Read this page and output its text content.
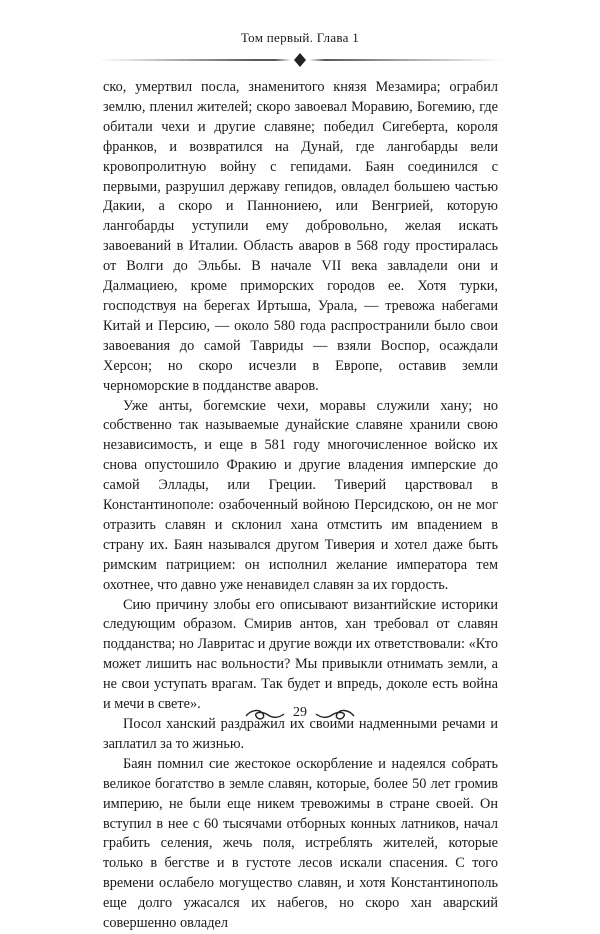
Том первый. Глава 1

ско, умертвил посла, знаменитого князя Мезамира; ограбил землю, пленил жителей; скоро завоевал Моравию, Богемию, где обитали чехи и другие славяне; победил Сигеберта, короля франков, и возвратился на Дунай, где лангобарды вели кровопролитную войну с гепидами. Баян соединился с первыми, разрушил державу гепидов, овладел большею частью Дакии, а скоро и Паннониею, или Венгрией, которую лангобарды уступили ему добровольно, желая искать завоеваний в Италии. Область аваров в 568 году простиралась от Волги до Эльбы. В начале VII века завладели они и Далмациею, кроме приморских городов ее. Хотя турки, господствуя на берегах Иртыша, Урала, — тревожа набегами Китай и Персию, — около 580 года распространили было свои завоевания до самой Тавриды — взяли Воспор, осаждали Херсон; но скоро исчезли в Европе, оставив земли черноморские в подданстве аваров.

Уже анты, богемские чехи, моравы служили хану; но собственно так называемые дунайские славяне хранили свою независимость, и еще в 581 году многочисленное войско их снова опустошило Фракию и другие владения имперские до самой Эллады, или Греции. Тиверий царствовал в Константинополе: озабоченный войною Персидскою, он не мог отразить славян и склонил хана отмстить им впадением в страну их. Баян назывался другом Тиверия и хотел даже быть римским патрицием: он исполнил желание императора тем охотнее, что давно уже ненавидел славян за их гордость.

Сию причину злобы его описывают византийские историки следующим образом. Смирив антов, хан требовал от славян подданства; но Лавритас и другие вожди их ответствовали: «Кто может лишить нас вольности? Мы привыкли отнимать земли, а не свои уступать врагам. Так будет и впредь, доколе есть война и мечи в свете».

Посол ханский раздражил их своими надменными речами и заплатил за то жизнью.

Баян помнил сие жестокое оскорбление и надеялся собрать великое богатство в земле славян, которые, более 50 лет громив империю, не были еще никем тревожимы в стране своей. Он вступил в нее с 60 тысячами отборных конных латников, начал грабить селения, жечь поля, истреблять жителей, которые только в бегстве и в густоте лесов искали спасения. С того времени ослабело могущество славян, и хотя Константинополь еще долго ужасался их набегов, но скоро хан аварский совершенно овладел

29
